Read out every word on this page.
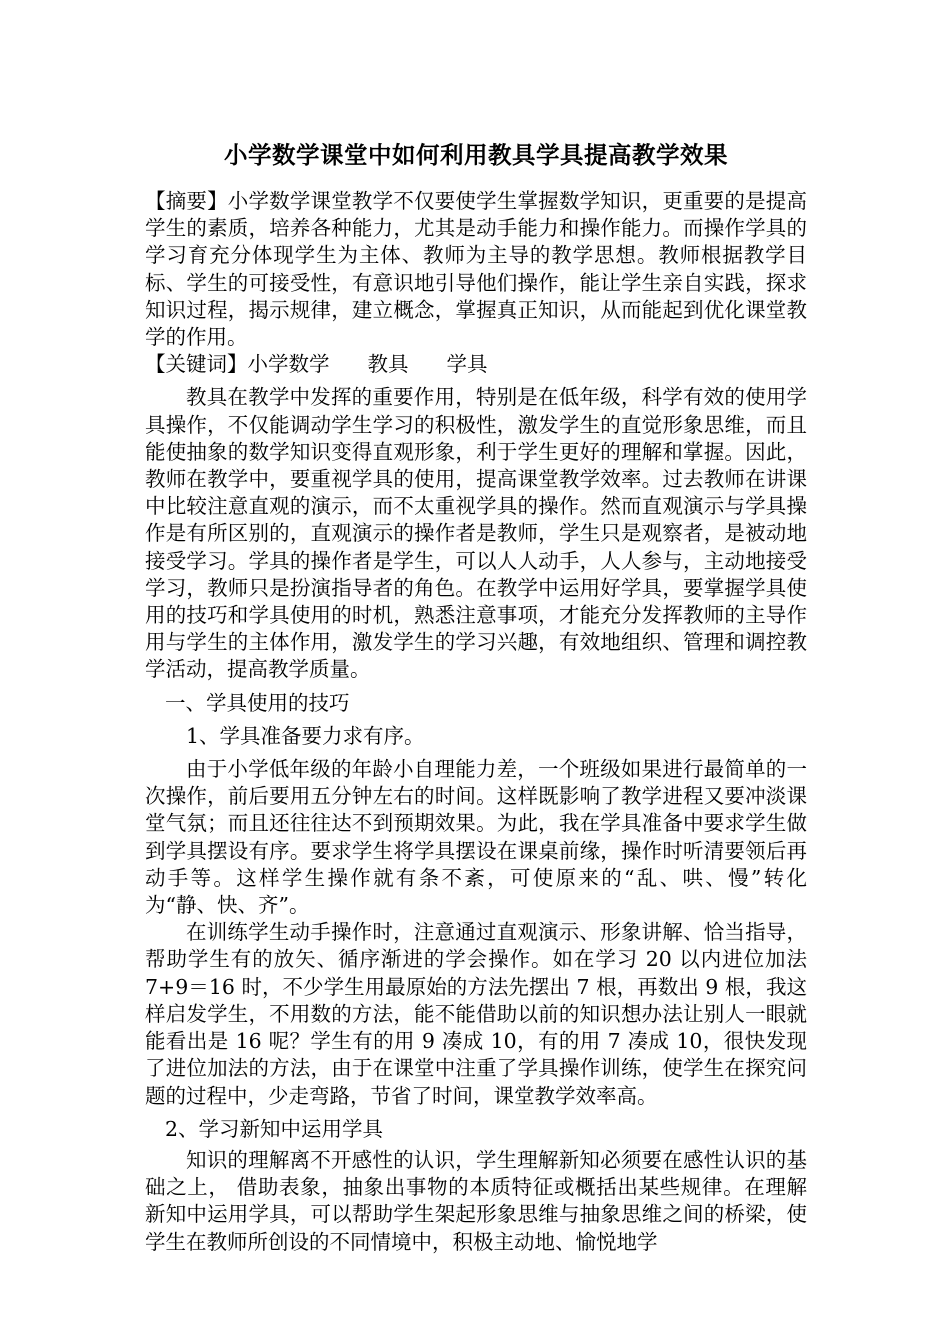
小学数学课堂中如何利用教具学具提高教学效果

【摘要】小学数学课堂教学不仅要使学生掌握数学知识，更重要的是提高学生的素质，培养各种能力，尤其是动手能力和操作能力。而操作学具的学习育充分体现学生为主体、教师为主导的教学思想。教师根据教学目标、学生的可接受性，有意识地引导他们操作，能让学生亲自实践，探求知识过程，揭示规律，建立概念，掌握真正知识，从而能起到优化课堂教学的作用。

【关键词】小学数学 教具 学具

教具在教学中发挥的重要作用，特别是在低年级，科学有效的使用学具操作，不仅能调动学生学习的积极性，激发学生的直觉形象思维，而且能使抽象的数学知识变得直观形象，利于学生更好的理解和掌握。因此，教师在教学中，要重视学具的使用，提高课堂教学效率。过去教师在讲课中比较注意直观的演示，而不太重视学具的操作。然而直观演示与学具操作是有所区别的，直观演示的操作者是教师，学生只是观察者，是被动地接受学习。学具的操作者是学生，可以人人动手，人人参与，主动地接受学习，教师只是扮演指导者的角色。在教学中运用好学具，要掌握学具使用的技巧和学具使用的时机，熟悉注意事项，才能充分发挥教师的主导作用与学生的主体作用，激发学生的学习兴趣，有效地组织、管理和调控教学活动，提高教学质量。

一、学具使用的技巧

1、学具准备要力求有序。

由于小学低年级的年龄小自理能力差，一个班级如果进行最简单的一次操作，前后要用五分钟左右的时间。这样既影响了教学进程又要冲淡课堂气氛；而且还往往达不到预期效果。为此，我在学具准备中要求学生做到学具摆设有序。要求学生将学具摆设在课桌前缘，操作时听清要领后再动手等。这样学生操作就有条不紊，可使原来的“乱、哄、慢”转化为“静、快、齐”。

在训练学生动手操作时，注意通过直观演示、形象讲解、恰当指导，帮助学生有的放矢、循序渐进的学会操作。如在学习 20 以内进位加法 7+9＝16 时，不少学生用最原始的方法先摆出 7 根，再数出 9 根，我这样启发学生，不用数的方法，能不能借助以前的知识想办法让别人一眼就能看出是 16 呢？学生有的用 9 凑成 10，有的用 7 凑成 10，很快发现了进位加法的方法，由于在课堂中注重了学具操作训练，使学生在探究问题的过程中，少走弯路，节省了时间，课堂教学效率高。

2、学习新知中运用学具

知识的理解离不开感性的认识，学生理解新知必须要在感性认识的基础之上， 借助表象，抽象出事物的本质特征或概括出某些规律。在理解新知中运用学具，可以帮助学生架起形象思维与抽象思维之间的桥梁，使学生在教师所创设的不同情境中，积极主动地、愉悦地学
